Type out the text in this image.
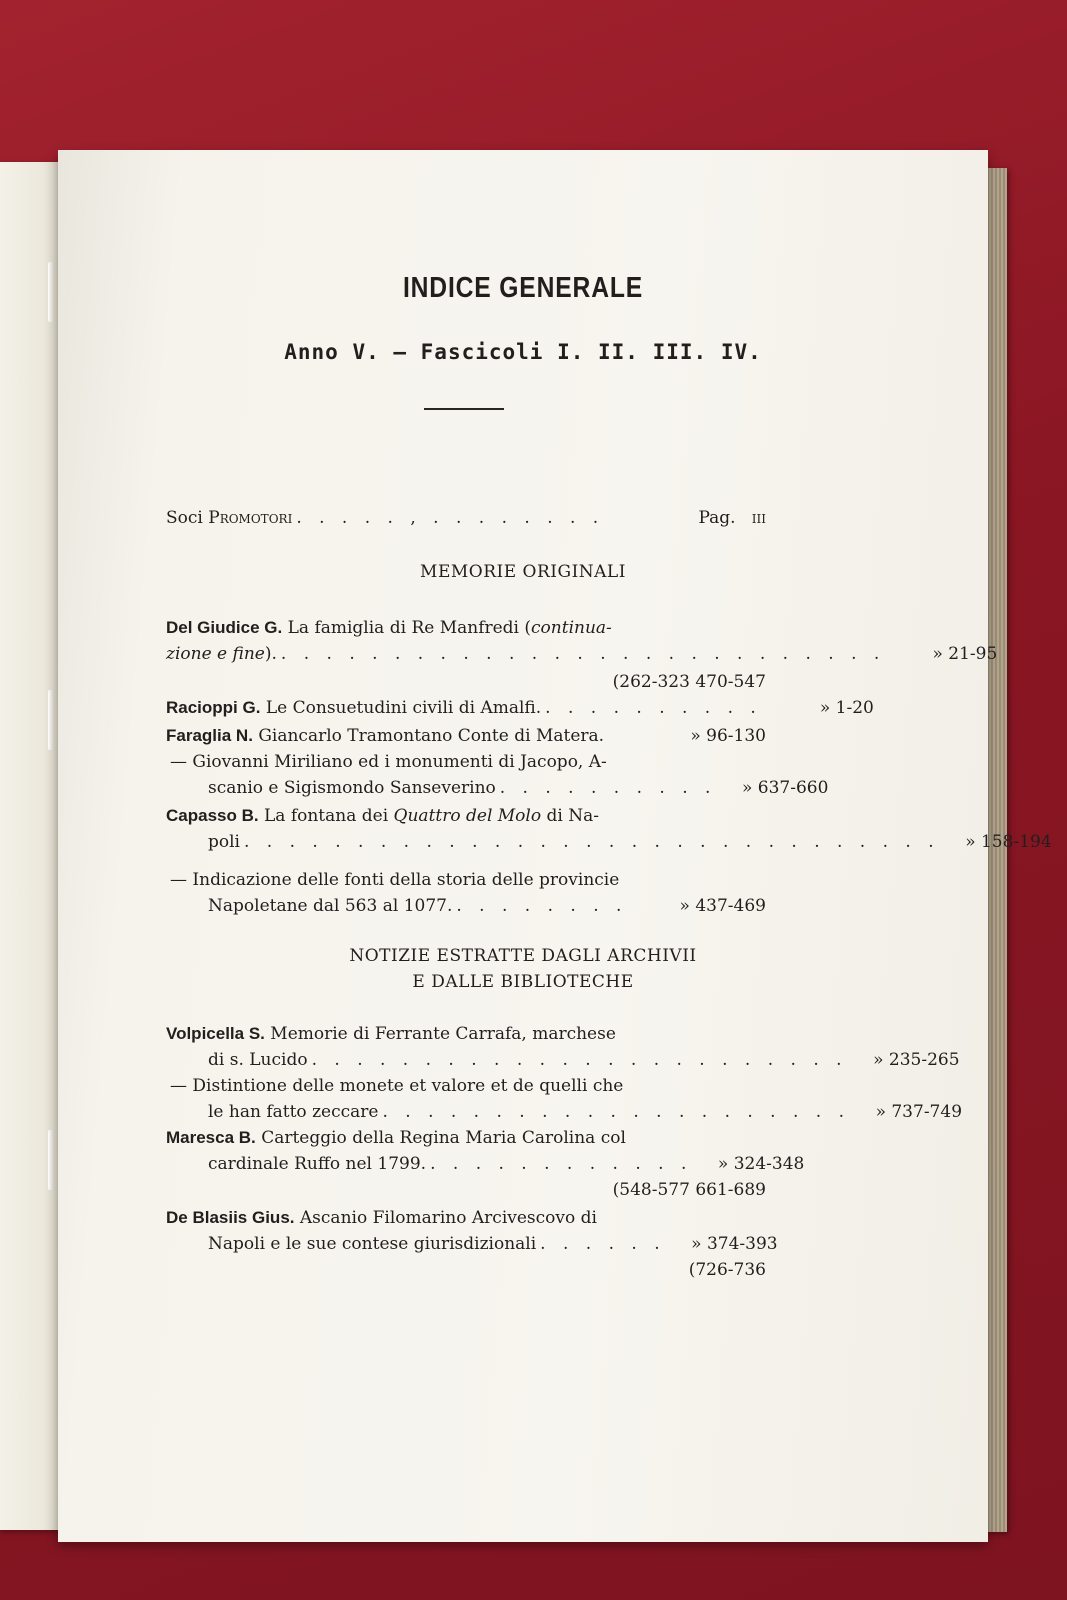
INDICE GENERALE
Anno V. — Fascicoli I. II. III. IV.
Soci Promotori . . . . . , . . . . . . . .	Pag. iii
MEMORIE ORIGINALI
Del Giudice G. La famiglia di Re Manfredi (continua-
zione e fine). . . . . . . . . . . . . . . . . . . . . . . . . . . .	» 21-95
(262-323 470-547
Racioppi G. Le Consuetudini civili di Amalfi. . . . . . . . . . .	» 1-20
Faraglia N. Giancarlo Tramontano Conte di Matera.	» 96-130
— Giovanni Miriliano ed i monumenti di Jacopo, A-
scanio e Sigismondo Sanseverino . . . . . . . . . .	» 637-660
Capasso B. La fontana dei Quattro del Molo di Na-
poli . . . . . . . . . . . . . . . . . . . . . . . . . . . . . . .	» 158-194
— Indicazione delle fonti della storia delle provincie
Napoletane dal 563 al 1077. . . . . . . . .	» 437-469
NOTIZIE ESTRATTE DAGLI ARCHIVII
E DALLE BIBLIOTECHE
Volpicella S. Memorie di Ferrante Carrafa, marchese
di s. Lucido . . . . . . . . . . . . . . . . . . . . . . . .	» 235-265
— Distintione delle monete et valore et de quelli che
le han fatto zeccare . . . . . . . . . . . . . . . . . . . . .	» 737-749
Maresca B. Carteggio della Regina Maria Carolina col
cardinale Ruffo nel 1799. . . . . . . . . . . . .	» 324-348
(548-577 661-689
De Blasiis Gius. Ascanio Filomarino Arcivescovo di
Napoli e le sue contese giurisdizionali . . . . . .	» 374-393
(726-736
